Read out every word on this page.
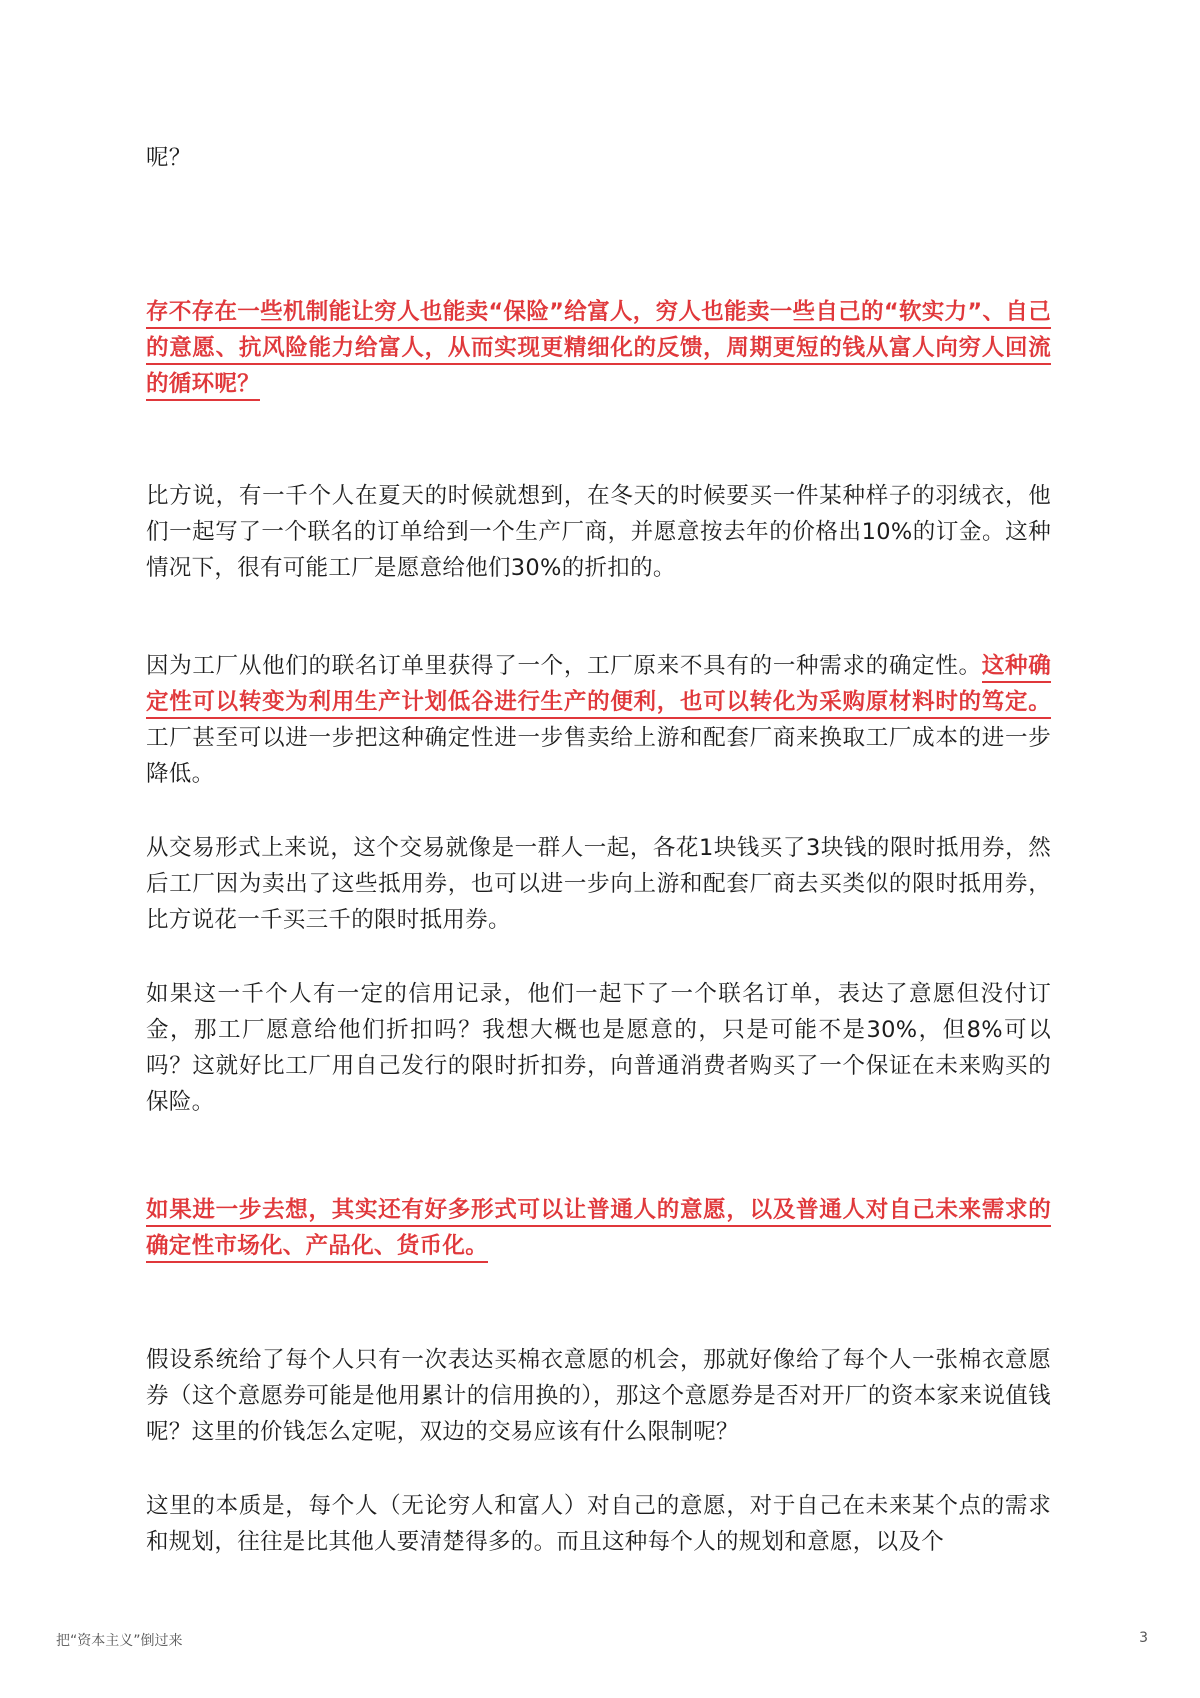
呢？

存不存在一些机制能让穷人也能卖“保险”给富人，穷人也能卖一些自己的“软实力”、自己的意愿、抗风险能力给富人，从而实现更精细化的反馈，周期更短的钱从富人向穷人回流的循环呢？

比方说，有一千个人在夏天的时候就想到，在冬天的时候要买一件某种样子的羽绒衣，他们一起写了一个联名的订单给到一个生产厂商，并愿意按去年的价格出10%的订金。这种情况下，很有可能工厂是愿意给他们30%的折扣的。

因为工厂从他们的联名订单里获得了一个，工厂原来不具有的一种需求的确定性。这种确定性可以转变为利用生产计划低谷进行生产的便利，也可以转化为采购原材料时的笃定。工厂甚至可以进一步把这种确定性进一步售卖给上游和配套厂商来换取工厂成本的进一步降低。

从交易形式上来说，这个交易就像是一群人一起，各花1块钱买了3块钱的限时抵用券，然后工厂因为卖出了这些抵用券，也可以进一步向上游和配套厂商去买类似的限时抵用券，比方说花一千买三千的限时抵用券。

如果这一千个人有一定的信用记录，他们一起下了一个联名订单，表达了意愿但没付订金，那工厂愿意给他们折扣吗？我想大概也是愿意的，只是可能不是30%，但8%可以吗？这就好比工厂用自己发行的限时折扣券，向普通消费者购买了一个保证在未来购买的保险。

如果进一步去想，其实还有好多形式可以让普通人的意愿，以及普通人对自己未来需求的确定性市场化、产品化、货币化。

假设系统给了每个人只有一次表达买棉衣意愿的机会，那就好像给了每个人一张棉衣意愿券（这个意愿券可能是他用累计的信用换的），那这个意愿券是否对开厂的资本家来说值钱呢？这里的价钱怎么定呢，双边的交易应该有什么限制呢？

这里的本质是，每个人（无论穷人和富人）对自己的意愿，对于自己在未来某个点的需求和规划，往往是比其他人要清楚得多的。而且这种每个人的规划和意愿，以及个

把“资本主义”倒过来	3
